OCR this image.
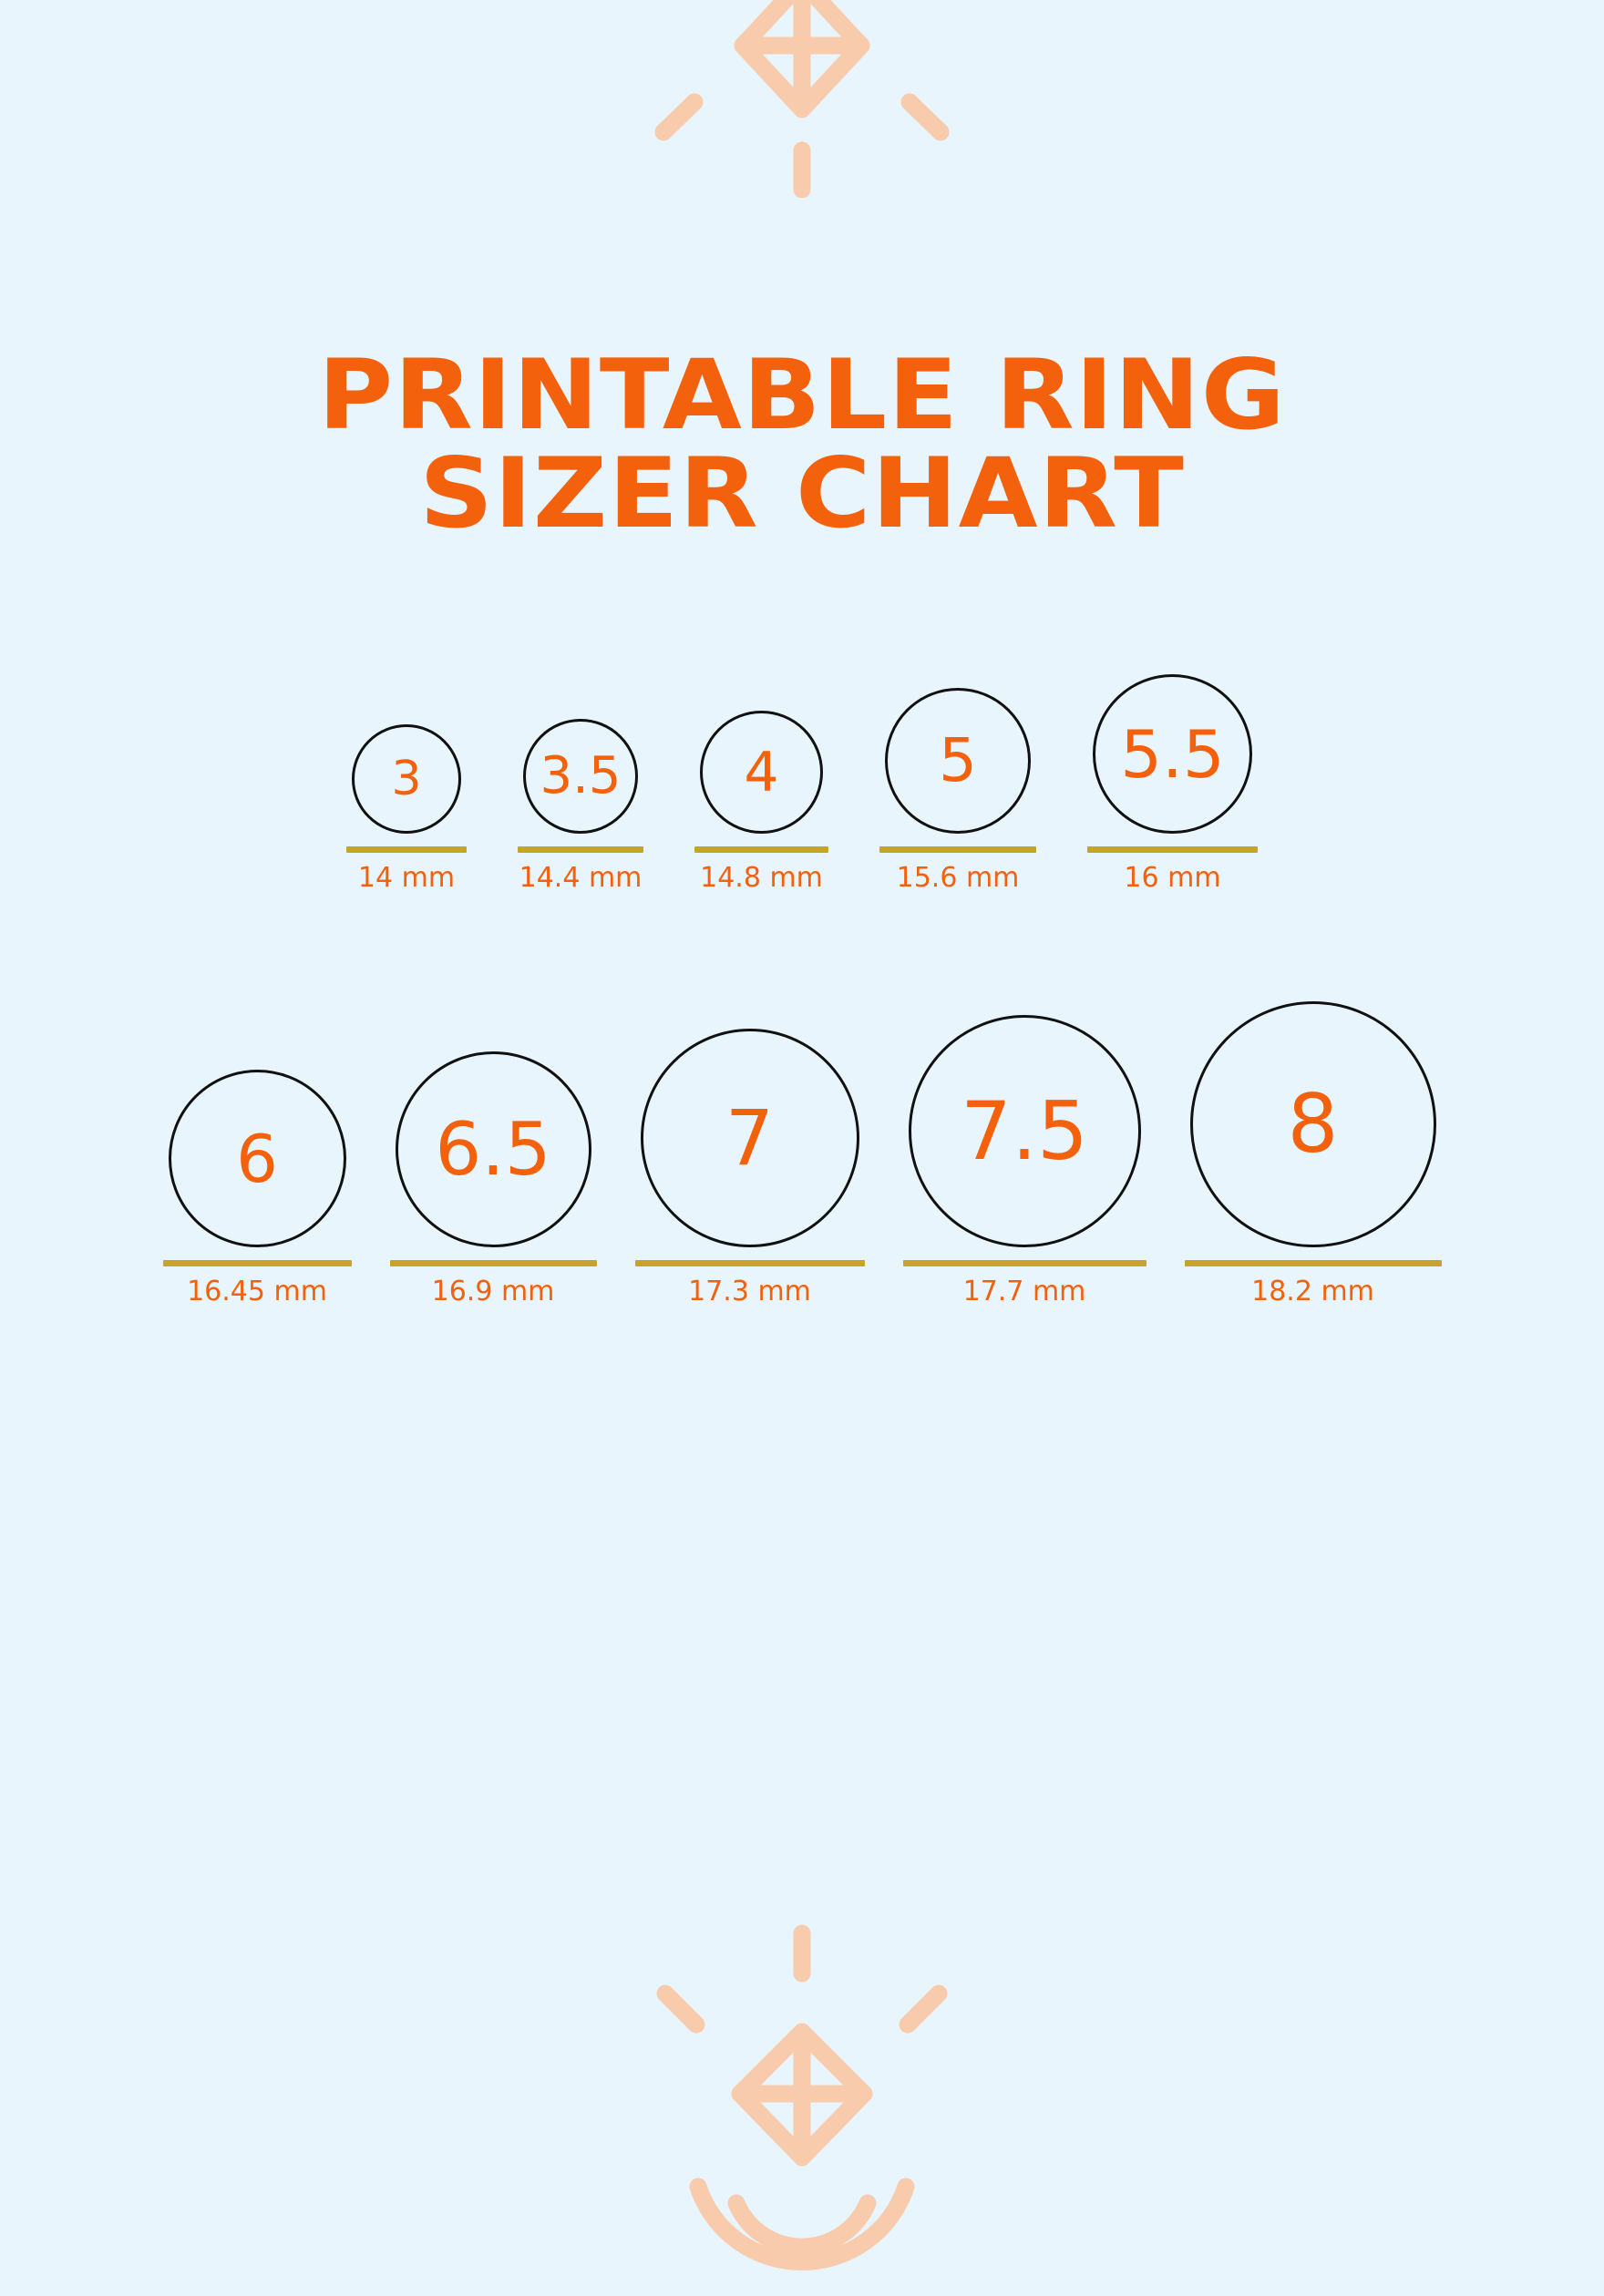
PRINTABLE RING
SIZER CHART
3
14 mm
3.5
14.4 mm
4
14.8 mm
5
15.6 mm
5.5
16 mm
6
16.45 mm
6.5
16.9 mm
7
17.3 mm
7.5
17.7 mm
8
18.2 mm
